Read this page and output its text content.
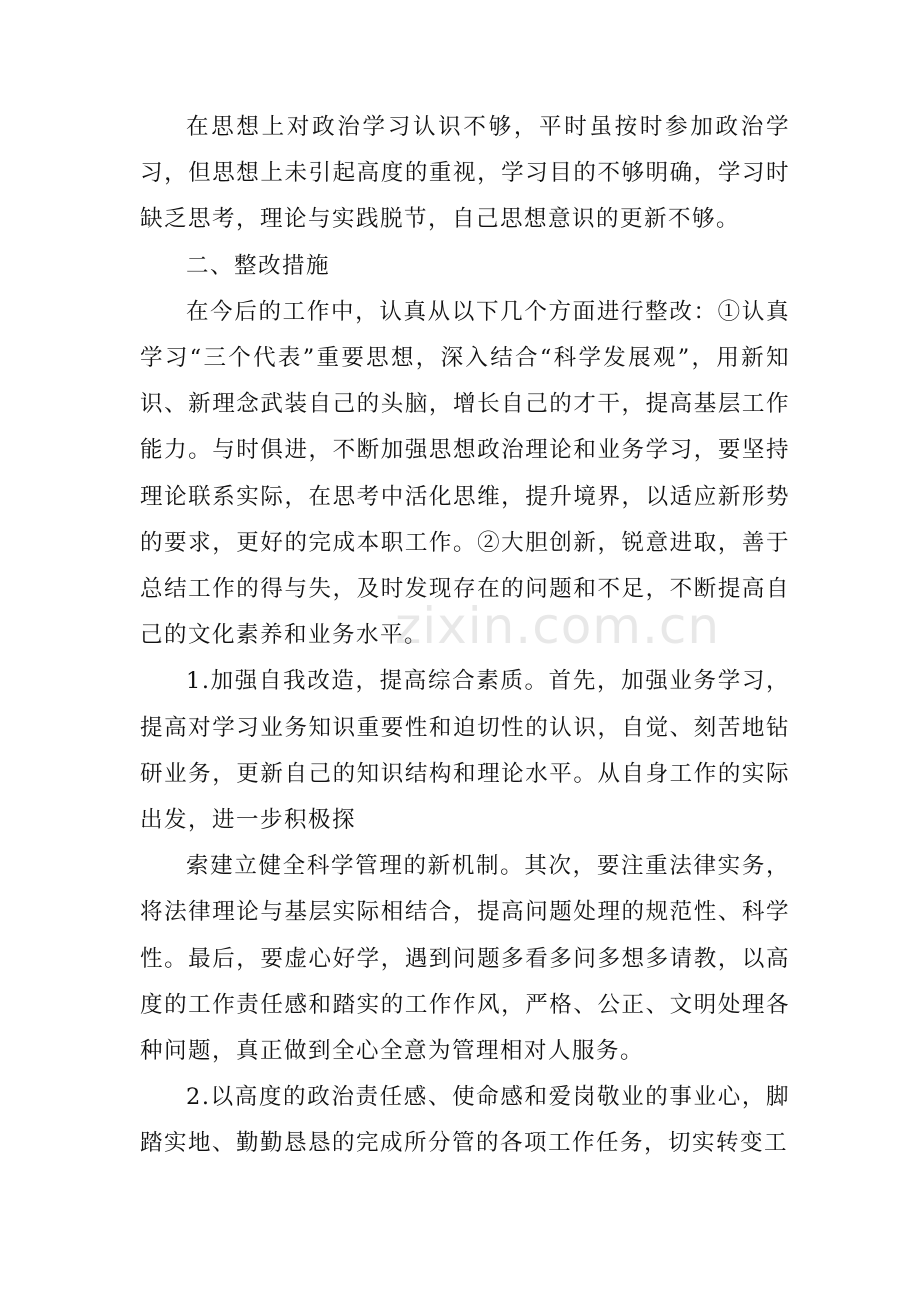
在思想上对政治学习认识不够，平时虽按时参加政治学习，但思想上未引起高度的重视，学习目的不够明确，学习时缺乏思考，理论与实践脱节，自己思想意识的更新不够。

二、整改措施

在今后的工作中，认真从以下几个方面进行整改：①认真学习“三个代表”重要思想，深入结合“科学发展观”，用新知识、新理念武装自己的头脑，增长自己的才干，提高基层工作能力。与时俱进，不断加强思想政治理论和业务学习，要坚持理论联系实际，在思考中活化思维，提升境界，以适应新形势的要求，更好的完成本职工作。②大胆创新，锐意进取，善于总结工作的得与失，及时发现存在的问题和不足，不断提高自己的文化素养和业务水平。

1.加强自我改造，提高综合素质。首先，加强业务学习，提高对学习业务知识重要性和迫切性的认识，自觉、刻苦地钻研业务，更新自己的知识结构和理论水平。从自身工作的实际出发，进一步积极探

索建立健全科学管理的新机制。其次，要注重法律实务，将法律理论与基层实际相结合，提高问题处理的规范性、科学性。最后，要虚心好学，遇到问题多看多问多想多请教，以高度的工作责任感和踏实的工作作风，严格、公正、文明处理各种问题，真正做到全心全意为管理相对人服务。

2.以高度的政治责任感、使命感和爱岗敬业的事业心，脚踏实地、勤勤恳恳的完成所分管的各项工作任务，切实转变工

zixin.com.cn
